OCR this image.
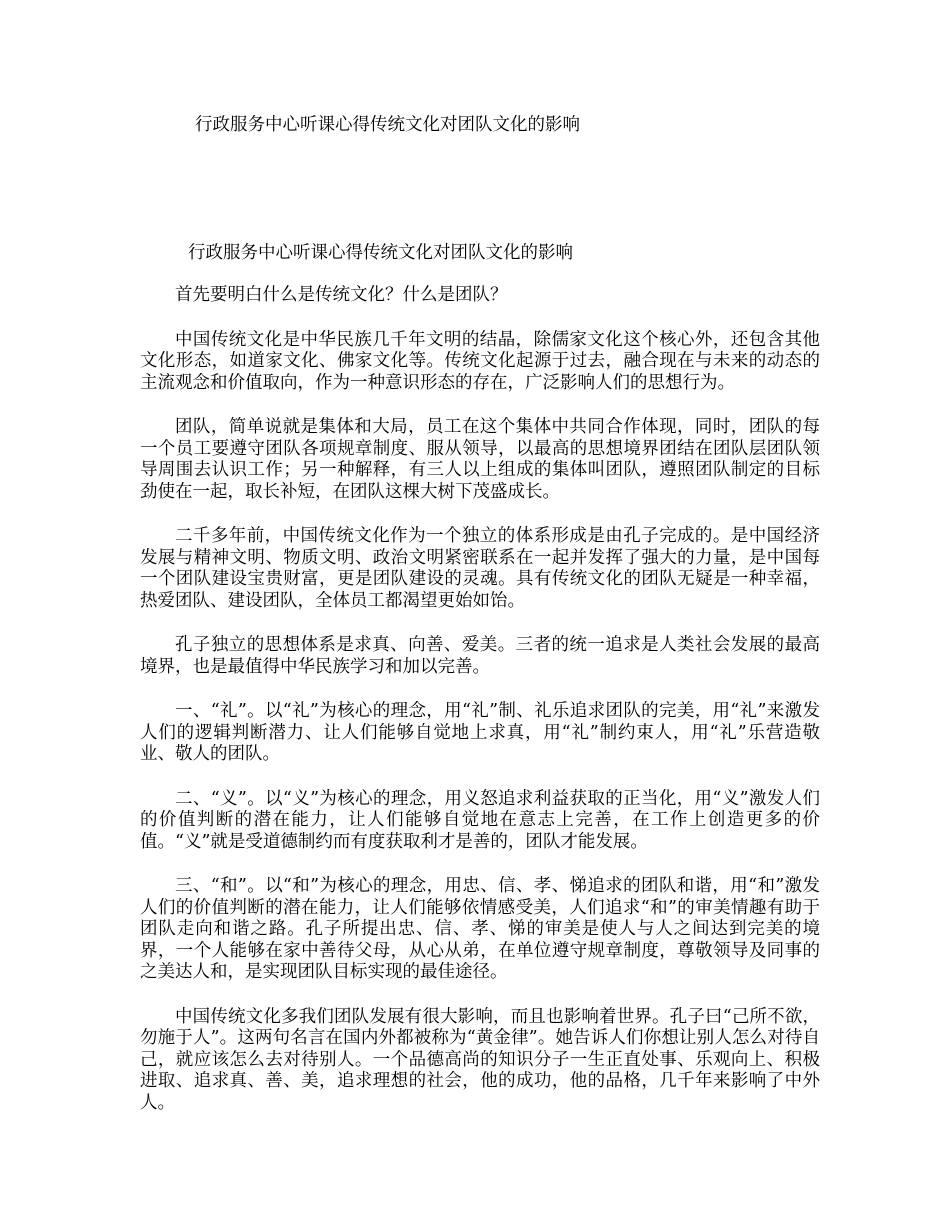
行政服务中心听课心得传统文化对团队文化的影响
行政服务中心听课心得传统文化对团队文化的影响

首先要明白什么是传统文化？什么是团队？

中国传统文化是中华民族几千年文明的结晶，除儒家文化这个核心外，还包含其他文化形态，如道家文化、佛家文化等。传统文化起源于过去，融合现在与未来的动态的主流观念和价值取向，作为一种意识形态的存在，广泛影响人们的思想行为。

团队，简单说就是集体和大局，员工在这个集体中共同合作体现，同时，团队的每一个员工要遵守团队各项规章制度、服从领导，以最高的思想境界团结在团队层团队领导周围去认识工作；另一种解释，有三人以上组成的集体叫团队，遵照团队制定的目标劲使在一起，取长补短，在团队这棵大树下茂盛成长。

二千多年前，中国传统文化作为一个独立的体系形成是由孔子完成的。是中国经济发展与精神文明、物质文明、政治文明紧密联系在一起并发挥了强大的力量，是中国每一个团队建设宝贵财富，更是团队建设的灵魂。具有传统文化的团队无疑是一种幸福，热爱团队、建设团队，全体员工都渴望更始如饴。

孔子独立的思想体系是求真、向善、爱美。三者的统一追求是人类社会发展的最高境界，也是最值得中华民族学习和加以完善。

一、“礼”。以“礼”为核心的理念，用“礼”制、礼乐追求团队的完美，用“礼”来激发人们的逻辑判断潜力、让人们能够自觉地上求真，用“礼”制约束人，用“礼”乐营造敬业、敬人的团队。

二、“义”。以“义”为核心的理念，用义怒追求利益获取的正当化，用“义”激发人们的价值判断的潜在能力，让人们能够自觉地在意志上完善，在工作上创造更多的价值。“义”就是受道德制约而有度获取利才是善的，团队才能发展。

三、“和”。以“和”为核心的理念，用忠、信、孝、悌追求的团队和谐，用“和”激发人们的价值判断的潜在能力，让人们能够依情感受美，人们追求“和”的审美情趣有助于团队走向和谐之路。孔子所提出忠、信、孝、悌的审美是使人与人之间达到完美的境界，一个人能够在家中善待父母，从心从弟，在单位遵守规章制度，尊敬领导及同事的之美达人和，是实现团队目标实现的最佳途径。

中国传统文化多我们团队发展有很大影响，而且也影响着世界。孔子曰“己所不欲，勿施于人”。这两句名言在国内外都被称为“黄金律”。她告诉人们你想让别人怎么对待自己，就应该怎么去对待别人。一个品德高尚的知识分子一生正直处事、乐观向上、积极进取、追求真、善、美，追求理想的社会，他的成功，他的品格，几千年来影响了中外人。
